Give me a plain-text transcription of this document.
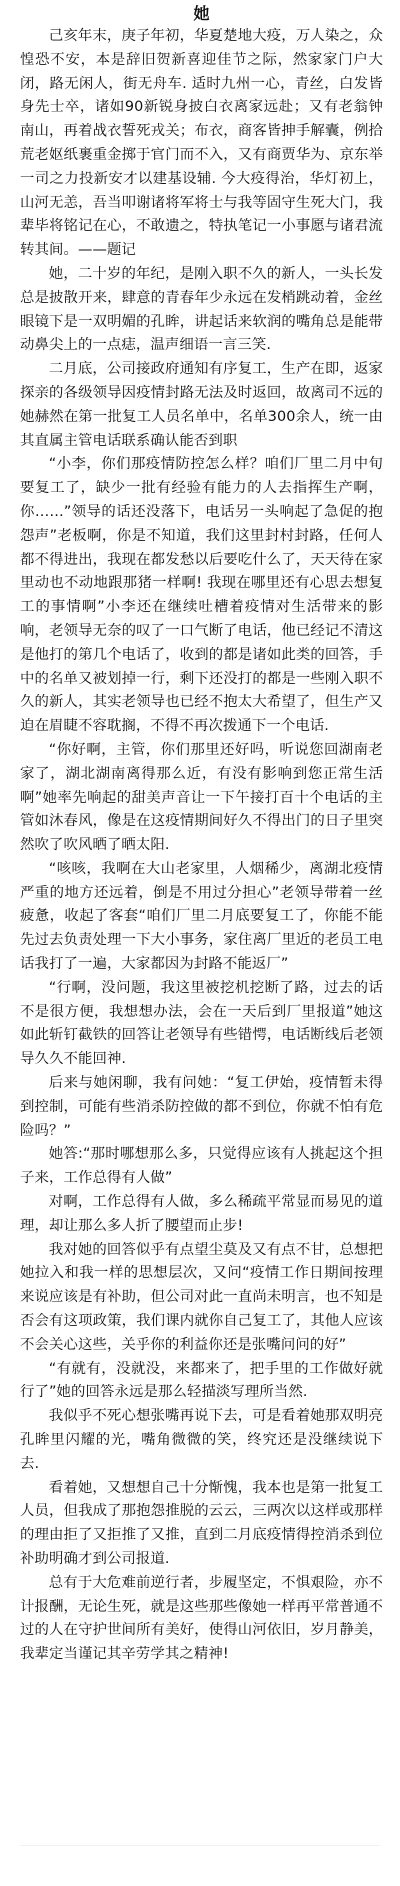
她

己亥年末，庚子年初，华夏楚地大疫，万人染之，众惶恐不安，本是辞旧贺新喜迎佳节之际，然家家门户大闭，路无闲人，街无舟车. 适时九州一心，青丝，白发皆身先士卒，诸如90新锐身披白衣离家远赴；又有老翁钟南山，再着战衣誓死戎关；布衣，商客皆抻手解囊，例拾荒老妪纸裹重金掷于官门而不入，又有商贾华为、京东举一司之力投新安才以建基设辅. 今大疫得治，华灯初上，山河无恙，吾当叩谢诸将军将士与我等固守生死大门，我辈毕将铭记在心，不敢遗之，特执笔记一小事愿与诸君流转其间。——题记

她，二十岁的年纪，是刚入职不久的新人，一头长发总是披散开来，肆意的青春年少永远在发梢跳动着，金丝眼镜下是一双明媚的孔眸，讲起话来软润的嘴角总是能带动鼻尖上的一点痣，温声细语一言三笑.

二月底，公司接政府通知有序复工，生产在即，返家探亲的各级领导因疫情封路无法及时返回，故离司不远的她赫然在第一批复工人员名单中，名单300余人，统一由其直属主管电话联系确认能否到职

“小李，你们那疫情防控怎么样？咱们厂里二月中旬要复工了，缺少一批有经验有能力的人去指挥生产啊，你……”领导的话还没落下，电话另一头响起了急促的抱怨声”老板啊，你是不知道，我们这里封村封路，任何人都不得进出，我现在都发愁以后要吃什么了，天天待在家里动也不动地跟那猪一样啊! 我现在哪里还有心思去想复工的事情啊”小李还在继续吐槽着疫情对生活带来的影响，老领导无奈的叹了一口气断了电话，他已经记不清这是他打的第几个电话了，收到的都是诸如此类的回答，手中的名单又被划掉一行，剩下还没打的都是一些刚入职不久的新人，其实老领导也已经不抱太大希望了，但生产又迫在眉睫不容耽搁，不得不再次拨通下一个电话.

“你好啊，主管，你们那里还好吗，听说您回湖南老家了，湖北湖南离得那么近，有没有影响到您正常生活啊”她率先响起的甜美声音让一下午接打百十个电话的主管如沐春风，像是在这疫情期间好久不得出门的日子里突然吹了吹风晒了晒太阳.

“咳咳，我啊在大山老家里，人烟稀少，离湖北疫情严重的地方还远着，倒是不用过分担心”老领导带着一丝疲惫，收起了客套“咱们厂里二月底要复工了，你能不能先过去负责处理一下大小事务，家住离厂里近的老员工电话我打了一遍，大家都因为封路不能返厂”

“行啊，没问题，我这里被挖机挖断了路，过去的话不是很方便，我想想办法，会在一天后到厂里报道”她这如此斩钉截铁的回答让老领导有些错愕，电话断线后老领导久久不能回神.

后来与她闲聊，我有问她：“复工伊始，疫情暂未得到控制，可能有些消杀防控做的都不到位，你就不怕有危险吗？”

她答:“那时哪想那么多，只觉得应该有人挑起这个担子来，工作总得有人做”

对啊，工作总得有人做，多么稀疏平常显而易见的道理，却让那么多人折了腰望而止步!

我对她的回答似乎有点望尘莫及又有点不甘，总想把她拉入和我一样的思想层次，又问“疫情工作日期间按理来说应该是有补助，但公司对此一直尚未明言，也不知是否会有这项政策，我们课内就你自己复工了，其他人应该不会关心这些，关乎你的利益你还是张嘴问问的好”

“有就有，没就没，来都来了，把手里的工作做好就行了”她的回答永远是那么轻描淡写理所当然.

我似乎不死心想张嘴再说下去，可是看着她那双明亮孔眸里闪耀的光，嘴角微微的笑，终究还是没继续说下去.

看着她，又想想自己十分惭愧，我本也是第一批复工人员，但我成了那抱怨推脱的云云，三两次以这样或那样的理由拒了又拒推了又推，直到二月底疫情得控消杀到位补助明确才到公司报道.

总有于大危难前逆行者，步履坚定，不惧艰险，亦不计报酬，无论生死，就是这些那些像她一样再平常普通不过的人在守护世间所有美好，使得山河依旧，岁月静美，我辈定当谨记其辛劳学其之精神!
